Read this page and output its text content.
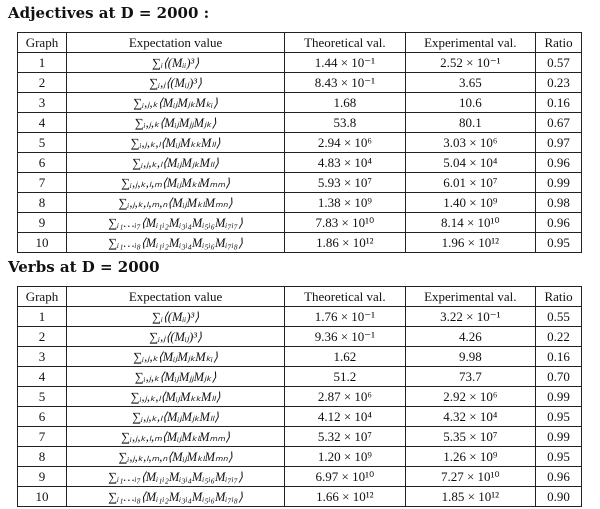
Adjectives at D = 2000 :
Graph	Expectation value	Theoretical val.	Experimental val.	Ratio
1	∑ᵢ⟨(Mᵢᵢ)³⟩	1.44 × 10⁻¹	2.52 × 10⁻¹	0.57
2	∑ᵢ,ⱼ⟨(Mᵢⱼ)³⟩	8.43 × 10⁻¹	3.65	0.23
3	∑ᵢ,ⱼ,ₖ⟨MᵢⱼMⱼₖMₖᵢ⟩	1.68	10.6	0.16
4	∑ᵢ,ⱼ,ₖ⟨MᵢⱼMⱼⱼMⱼₖ⟩	53.8	80.1	0.67
5	∑ᵢ,ⱼ,ₖ,ₗ⟨MᵢⱼMₖₖMₗₗ⟩	2.94 × 10⁶	3.03 × 10⁶	0.97
6	∑ᵢ,ⱼ,ₖ,ₗ⟨MᵢⱼMⱼₖMₗₗ⟩	4.83 × 10⁴	5.04 × 10⁴	0.96
7	∑ᵢ,ⱼ,ₖ,ₗ,ₘ⟨MᵢⱼMₖₗMₘₘ⟩	5.93 × 10⁷	6.01 × 10⁷	0.99
8	∑ᵢ,ⱼ,ₖ,ₗ,ₘ,ₙ⟨MᵢⱼMₖₗMₘₙ⟩	1.38 × 10⁹	1.40 × 10⁹	0.98
9	∑ᵢ₁…ᵢ₇⟨Mᵢ₁ᵢ₂Mᵢ₃ᵢ₄Mᵢ₅ᵢ₆Mᵢ₇ᵢ₇⟩	7.83 × 10¹⁰	8.14 × 10¹⁰	0.96
10	∑ᵢ₁…ᵢ₈⟨Mᵢ₁ᵢ₂Mᵢ₃ᵢ₄Mᵢ₅ᵢ₆Mᵢ₇ᵢ₈⟩	1.86 × 10¹²	1.96 × 10¹²	0.95
Verbs at D = 2000
Graph	Expectation value	Theoretical val.	Experimental val.	Ratio
1	∑ᵢ⟨(Mᵢᵢ)³⟩	1.76 × 10⁻¹	3.22 × 10⁻¹	0.55
2	∑ᵢ,ⱼ⟨(Mᵢⱼ)³⟩	9.36 × 10⁻¹	4.26	0.22
3	∑ᵢ,ⱼ,ₖ⟨MᵢⱼMⱼₖMₖᵢ⟩	1.62	9.98	0.16
4	∑ᵢ,ⱼ,ₖ⟨MᵢⱼMⱼⱼMⱼₖ⟩	51.2	73.7	0.70
5	∑ᵢ,ⱼ,ₖ,ₗ⟨MᵢⱼMₖₖMₗₗ⟩	2.87 × 10⁶	2.92 × 10⁶	0.99
6	∑ᵢ,ⱼ,ₖ,ₗ⟨MᵢⱼMⱼₖMₗₗ⟩	4.12 × 10⁴	4.32 × 10⁴	0.95
7	∑ᵢ,ⱼ,ₖ,ₗ,ₘ⟨MᵢⱼMₖₗMₘₘ⟩	5.32 × 10⁷	5.35 × 10⁷	0.99
8	∑ᵢ,ⱼ,ₖ,ₗ,ₘ,ₙ⟨MᵢⱼMₖₗMₘₙ⟩	1.20 × 10⁹	1.26 × 10⁹	0.95
9	∑ᵢ₁…ᵢ₇⟨Mᵢ₁ᵢ₂Mᵢ₃ᵢ₄Mᵢ₅ᵢ₆Mᵢ₇ᵢ₇⟩	6.97 × 10¹⁰	7.27 × 10¹⁰	0.96
10	∑ᵢ₁…ᵢ₈⟨Mᵢ₁ᵢ₂Mᵢ₃ᵢ₄Mᵢ₅ᵢ₆Mᵢ₇ᵢ₈⟩	1.66 × 10¹²	1.85 × 10¹²	0.90
